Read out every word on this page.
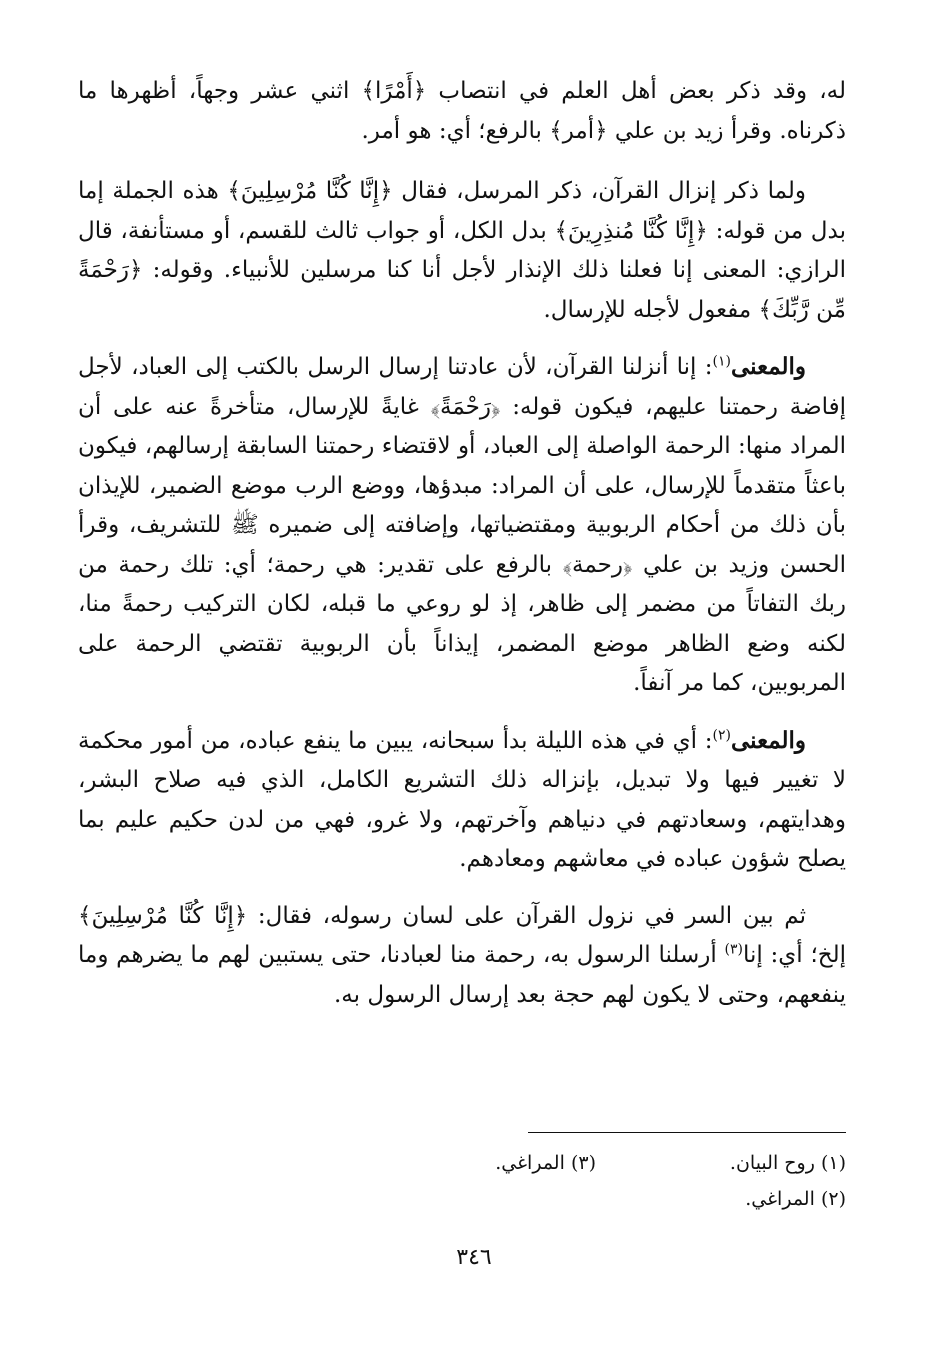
له، وقد ذكر بعض أهل العلم في انتصاب ﴿أَمْرًا﴾ اثني عشر وجهاً، أظهرها ما ذكرناه. وقرأ زيد بن علي ﴿أمر﴾ بالرفع؛ أي: هو أمر.

ولما ذكر إنزال القرآن، ذكر المرسل، فقال ﴿إِنَّا كُنَّا مُرْسِلِينَ﴾ هذه الجملة إما بدل من قوله: ﴿إِنَّا كُنَّا مُنذِرِينَ﴾ بدل الكل، أو جواب ثالث للقسم، أو مستأنفة، قال الرازي: المعنى إنا فعلنا ذلك الإنذار لأجل أنا كنا مرسلين للأنبياء. وقوله: ﴿رَحْمَةً مِّن رَّبِّكَ﴾ مفعول لأجله للإرسال.

والمعنى$^{(١)}$: إنا أنزلنا القرآن، لأن عادتنا إرسال الرسل بالكتب إلى العباد، لأجل إفاضة رحمتنا عليهم، فيكون قوله: ﴿رَحْمَةً﴾ غايةً للإرسال، متأخرةً عنه على أن المراد منها: الرحمة الواصلة إلى العباد، أو لاقتضاء رحمتنا السابقة إرسالهم، فيكون باعثاً متقدماً للإرسال، على أن المراد: مبدؤها، ووضع الرب موضع الضمير، للإيذان بأن ذلك من أحكام الربوبية ومقتضياتها، وإضافته إلى ضميره ﷺ للتشريف، وقرأ الحسن وزيد بن علي ﴿رحمة﴾ بالرفع على تقدير: هي رحمة؛ أي: تلك رحمة من ربك التفاتاً من مضمر إلى ظاهر، إذ لو روعي ما قبله، لكان التركيب رحمةً منا، لكنه وضع الظاهر موضع المضمر، إيذاناً بأن الربوبية تقتضي الرحمة على المربوبين، كما مر آنفاً.

والمعنى$^{(٢)}$: أي في هذه الليلة بدأ سبحانه، يبين ما ينفع عباده، من أمور محكمة لا تغيير فيها ولا تبديل، بإنزاله ذلك التشريع الكامل، الذي فيه صلاح البشر، وهدايتهم، وسعادتهم في دنياهم وآخرتهم، ولا غرو، فهي من لدن حكيم عليم بما يصلح شؤون عباده في معاشهم ومعادهم.

ثم بين السر في نزول القرآن على لسان رسوله، فقال: ﴿إِنَّا كُنَّا مُرْسِلِينَ﴾ إلخ؛ أي: إنا$^{(٣)}$ أرسلنا الرسول به، رحمة منا لعبادنا، حتى يستبين لهم ما يضرهم وما ينفعهم، وحتى لا يكون لهم حجة بعد إرسال الرسول به.

(١) روح البيان.
(٣) المراغي.
(٢) المراغي.
٣٤٦
